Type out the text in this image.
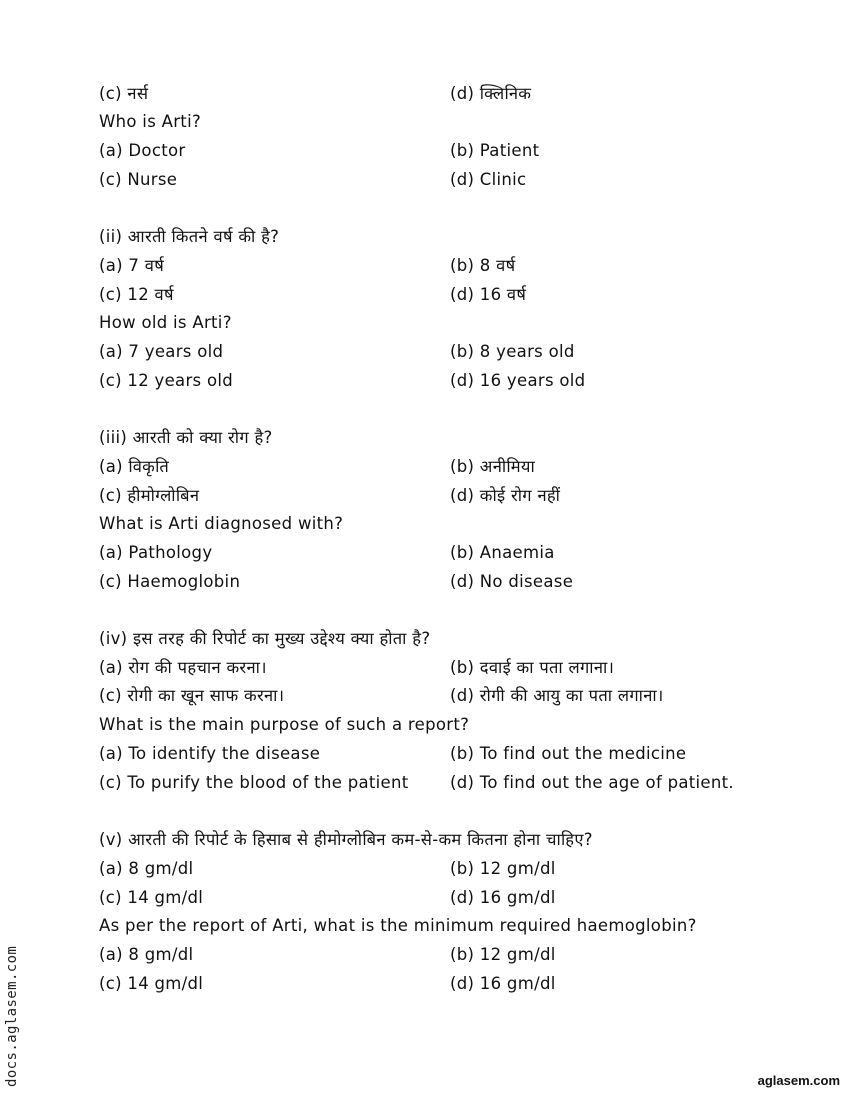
(c) नर्स	(d) क्लिनिक
Who is Arti?
(a) Doctor	(b) Patient
(c) Nurse	(d) Clinic
(ii) आरती कितने वर्ष की है?
(a) 7 वर्ष	(b) 8 वर्ष
(c) 12 वर्ष	(d) 16 वर्ष
How old is Arti?
(a) 7 years old	(b) 8 years old
(c) 12 years old	(d) 16 years old
(iii) आरती को क्या रोग है?
(a) विकृति	(b) अनीमिया
(c) हीमोग्लोबिन	(d) कोई रोग नहीं
What is Arti diagnosed with?
(a) Pathology	(b) Anaemia
(c) Haemoglobin	(d) No disease
(iv) इस तरह की रिपोर्ट का मुख्य उद्देश्य क्या होता है?
(a) रोग की पहचान करना।	(b) दवाई का पता लगाना।
(c) रोगी का खून साफ करना।	(d) रोगी की आयु का पता लगाना।
What is the main purpose of such a report?
(a) To identify the disease	(b) To find out the medicine
(c) To purify the blood of the patient	(d) To find out the age of patient.
(v) आरती की रिपोर्ट के हिसाब से हीमोग्लोबिन कम-से-कम कितना होना चाहिए?
(a) 8 gm/dl	(b) 12 gm/dl
(c) 14 gm/dl	(d) 16 gm/dl
As per the report of Arti, what is the minimum required haemoglobin?
(a) 8 gm/dl	(b) 12 gm/dl
(c) 14 gm/dl	(d) 16 gm/dl
docs.aglasem.com	aglasem.com
